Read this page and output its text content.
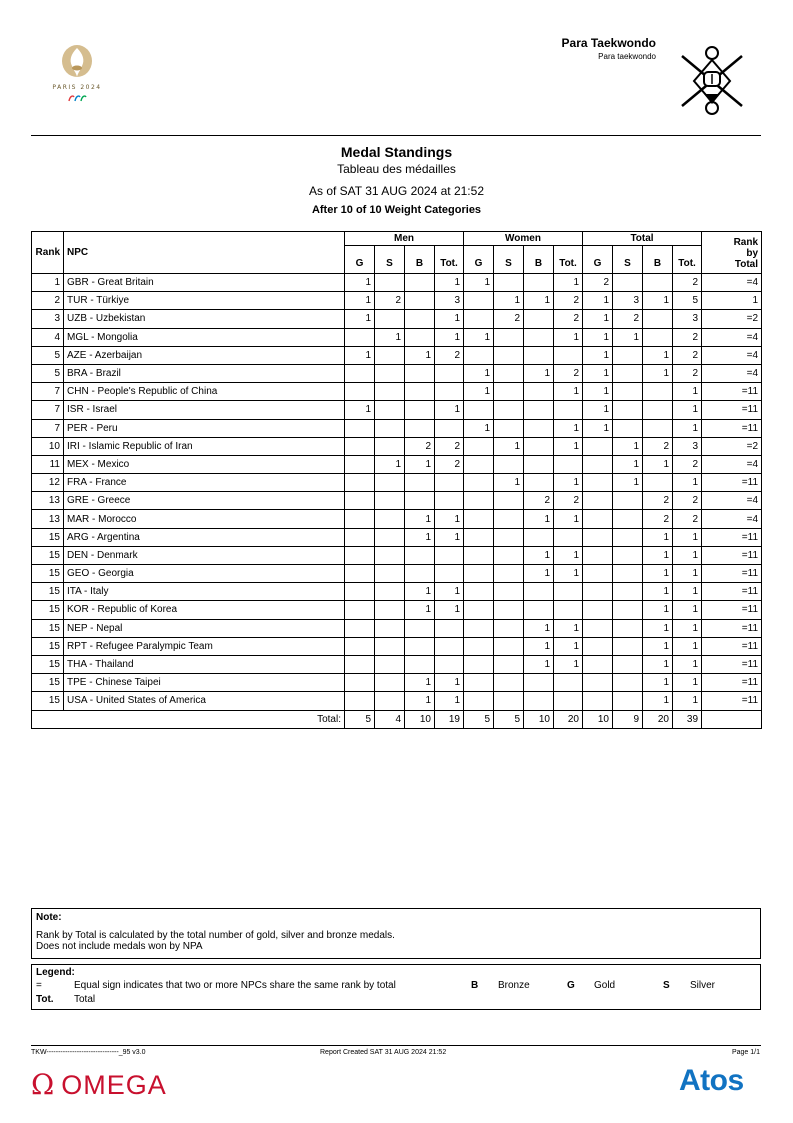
PARIS 2024
Para Taekwondo
Para taekwondo
Medal Standings
Tableau des médailles
As of SAT 31 AUG 2024 at 21:52
After 10 of 10 Weight Categories
Rank	NPC	Men				Women				Total				Rank
by
Total

		G	S	B	Tot.	G	S	B	Tot.	G	S	B	Tot.	
1	GBR - Great Britain	1			1	1			1	2			2	=4
2	TUR - Türkiye	1	2		3		1	1	2	1	3	1	5	1
3	UZB - Uzbekistan	1			1		2		2	1	2		3	=2
4	MGL - Mongolia		1		1	1			1	1	1		2	=4
5	AZE - Azerbaijan	1		1	2					1		1	2	=4
5	BRA - Brazil					1		1	2	1		1	2	=4
7	CHN - People's Republic of China					1			1	1			1	=11
7	ISR - Israel	1			1					1			1	=11
7	PER - Peru					1			1	1			1	=11
10	IRI - Islamic Republic of Iran			2	2		1		1		1	2	3	=2
11	MEX - Mexico		1	1	2						1	1	2	=4
12	FRA - France						1		1		1		1	=11
13	GRE - Greece							2	2			2	2	=4
13	MAR - Morocco			1	1			1	1			2	2	=4
15	ARG - Argentina			1	1							1	1	=11
15	DEN - Denmark							1	1			1	1	=11
15	GEO - Georgia							1	1			1	1	=11
15	ITA - Italy			1	1							1	1	=11
15	KOR - Republic of Korea			1	1							1	1	=11
15	NEP - Nepal							1	1			1	1	=11
15	RPT - Refugee Paralympic Team							1	1			1	1	=11
15	THA - Thailand							1	1			1	1	=11
15	TPE - Chinese Taipei			1	1							1	1	=11
15	USA - United States of America			1	1							1	1	=11
Total:		5	4	10	19	5	5	10	20	10	9	20	39	
Note:
Rank by Total is calculated by the total number of gold, silver and bronze medals.
Does not include medals won by NPA
Legend:
=	Equal sign indicates that two or more NPCs share the same rank by total
Tot. Total
B Bronze	G Gold	S Silver
TKW-------------------------------_95 v3.0	Report Created SAT 31 AUG 2024 21:52	Page 1/1
Ω OMEGA	Atos
